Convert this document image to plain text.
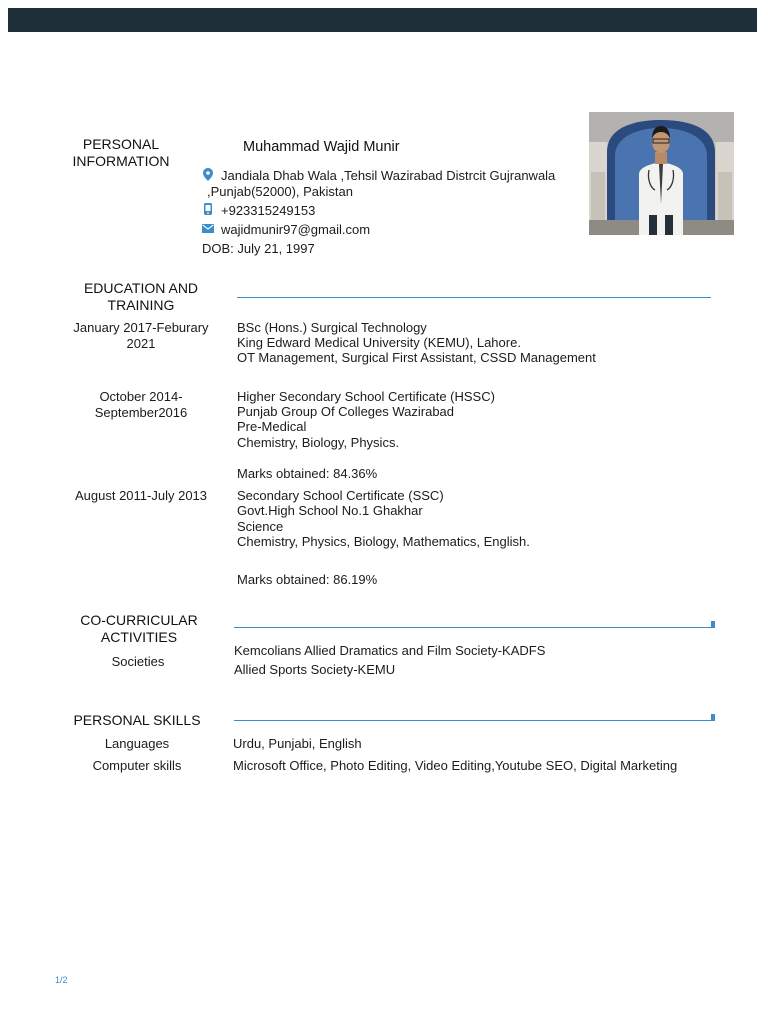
PERSONAL INFORMATION
Muhammad Wajid Munir
Jandiala Dhab Wala ,Tehsil Wazirabad Distrcit Gujranwala
,Punjab(52000), Pakistan
+923315249153
wajidmunir97@gmail.com
DOB: July 21, 1997
EDUCATION AND TRAINING
January 2017-Feburary 2021
BSc (Hons.) Surgical Technology
King Edward Medical University (KEMU), Lahore.
OT Management, Surgical First Assistant, CSSD Management
October 2014-September2016
Higher Secondary School Certificate (HSSC)
Punjab Group Of Colleges Wazirabad
Pre-Medical
Chemistry, Biology, Physics.
Marks obtained: 84.36%
August 2011-July 2013	Secondary School Certificate (SSC)
Govt.High School No.1 Ghakhar
Science
Chemistry, Physics, Biology, Mathematics, English.
Marks obtained: 86.19%
CO-CURRICULAR ACTIVITIES
Societies
Kemcolians Allied Dramatics and Film Society-KADFS
Allied Sports Society-KEMU
PERSONAL SKILLS
Languages	Urdu, Punjabi, English
Computer skills	Microsoft Office, Photo Editing, Video Editing,Youtube SEO, Digital Marketing
1/2
